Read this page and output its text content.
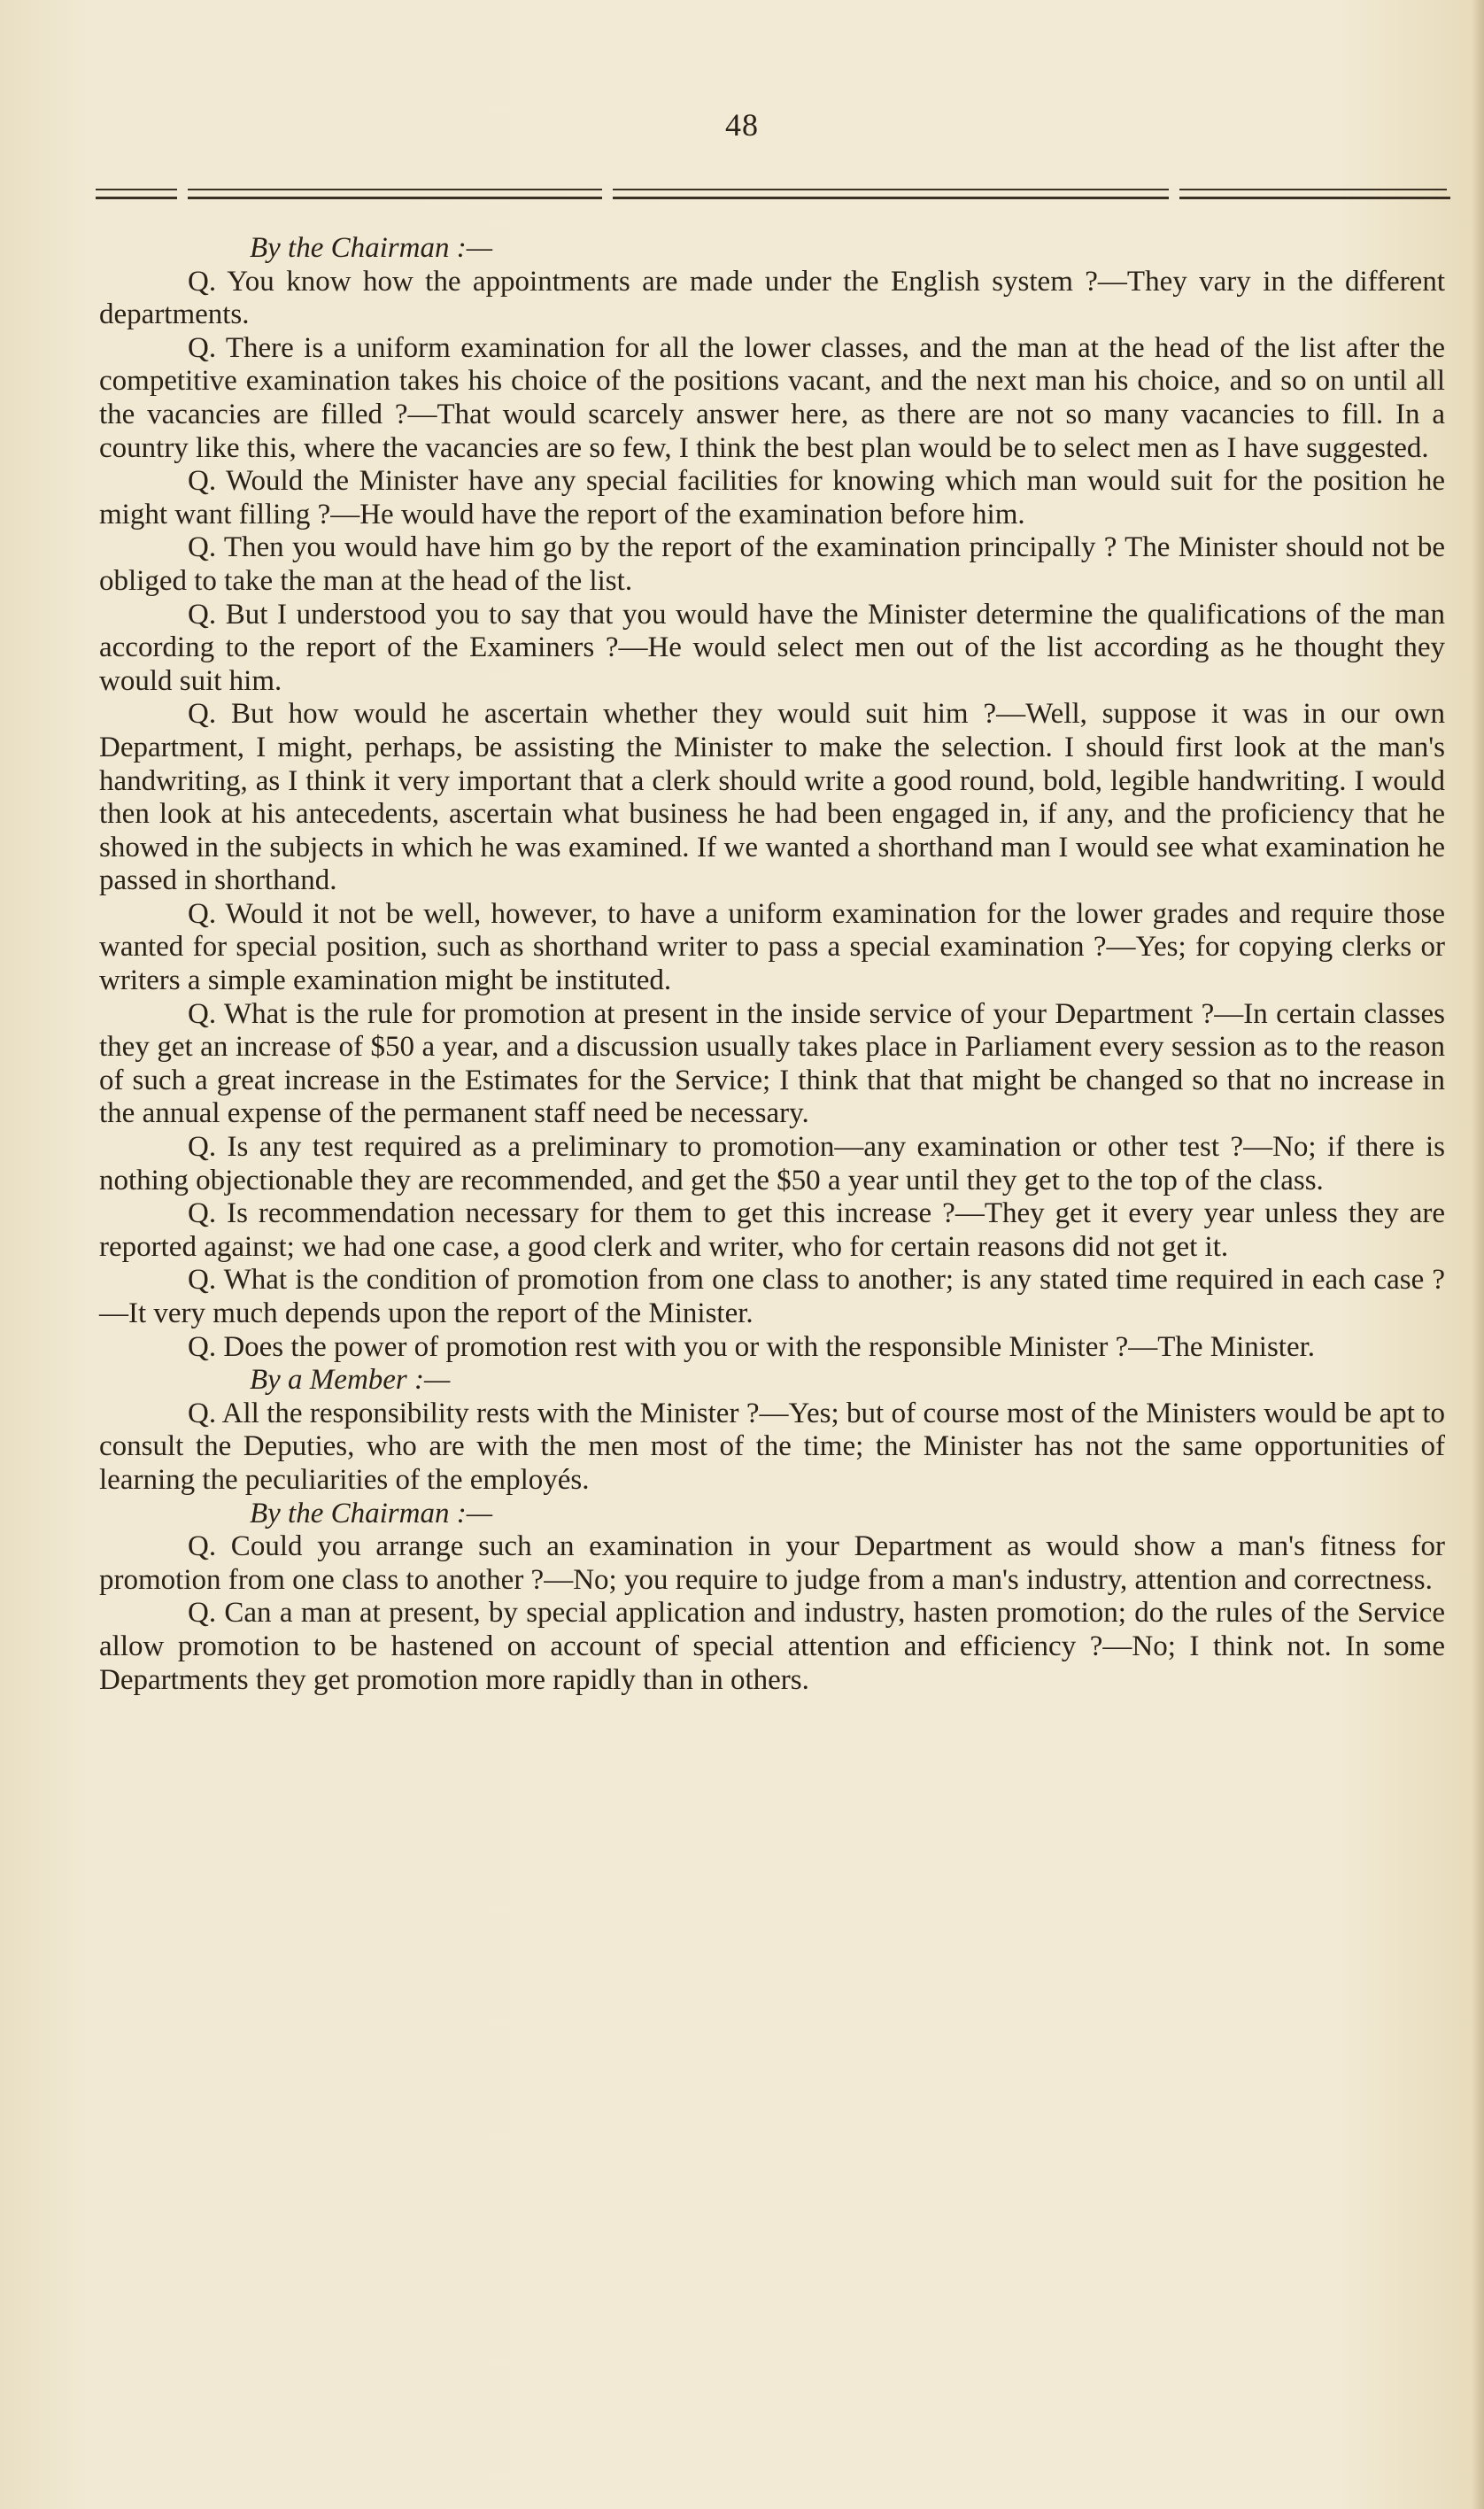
48

By the Chairman :—

Q. You know how the appointments are made under the English system ?—They vary in the different departments.

Q. There is a uniform examination for all the lower classes, and the man at the head of the list after the competitive examination takes his choice of the positions vacant, and the next man his choice, and so on until all the vacancies are filled ?—That would scarcely answer here, as there are not so many vacancies to fill. In a country like this, where the vacancies are so few, I think the best plan would be to select men as I have suggested.

Q. Would the Minister have any special facilities for knowing which man would suit for the position he might want filling ?—He would have the report of the examination before him.

Q. Then you would have him go by the report of the examination principally ? The Minister should not be obliged to take the man at the head of the list.

Q. But I understood you to say that you would have the Minister determine the qualifications of the man according to the report of the Examiners ?—He would select men out of the list according as he thought they would suit him.

Q. But how would he ascertain whether they would suit him ?—Well, suppose it was in our own Department, I might, perhaps, be assisting the Minister to make the selection. I should first look at the man's handwriting, as I think it very important that a clerk should write a good round, bold, legible handwriting. I would then look at his antecedents, ascertain what business he had been engaged in, if any, and the proficiency that he showed in the subjects in which he was examined. If we wanted a shorthand man I would see what examination he passed in shorthand.

Q. Would it not be well, however, to have a uniform examination for the lower grades and require those wanted for special position, such as shorthand writer to pass a special examination ?—Yes; for copying clerks or writers a simple examination might be instituted.

Q. What is the rule for promotion at present in the inside service of your Department ?—In certain classes they get an increase of $50 a year, and a discussion usually takes place in Parliament every session as to the reason of such a great increase in the Estimates for the Service; I think that that might be changed so that no increase in the annual expense of the permanent staff need be necessary.

Q. Is any test required as a preliminary to promotion—any examination or other test ?—No; if there is nothing objectionable they are recommended, and get the $50 a year until they get to the top of the class.

Q. Is recommendation necessary for them to get this increase ?—They get it every year unless they are reported against; we had one case, a good clerk and writer, who for certain reasons did not get it.

Q. What is the condition of promotion from one class to another; is any stated time required in each case ?—It very much depends upon the report of the Minister.

Q. Does the power of promotion rest with you or with the responsible Minister ?—The Minister.

By a Member :—

Q. All the responsibility rests with the Minister ?—Yes; but of course most of the Ministers would be apt to consult the Deputies, who are with the men most of the time; the Minister has not the same opportunities of learning the peculiarities of the employés.

By the Chairman :—

Q. Could you arrange such an examination in your Department as would show a man's fitness for promotion from one class to another ?—No; you require to judge from a man's industry, attention and correctness.

Q. Can a man at present, by special application and industry, hasten promotion; do the rules of the Service allow promotion to be hastened on account of special attention and efficiency ?—No; I think not. In some Departments they get promotion more rapidly than in others.
